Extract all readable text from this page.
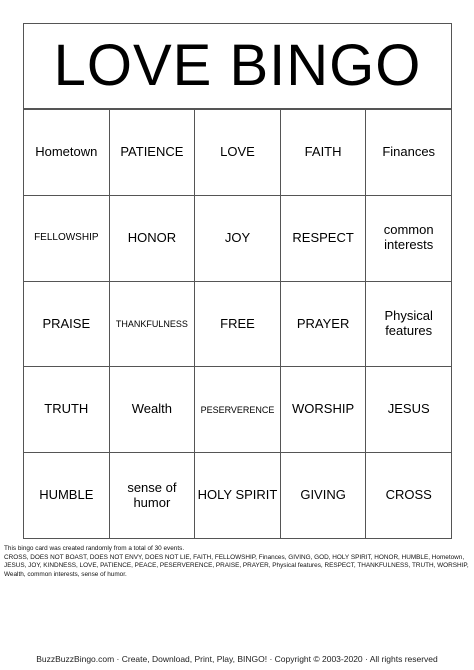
LOVE BINGO
Hometown	PATIENCE	LOVE	FAITH	Finances
FELLOWSHIP	HONOR	JOY	RESPECT	common interests
PRAISE	THANKFULNESS	FREE	PRAYER	Physical features
TRUTH	Wealth	PESERVERENCE	WORSHIP	JESUS
HUMBLE	sense of humor	HOLY SPIRIT	GIVING	CROSS
This bingo card was created randomly from a total of 30 events.
CROSS, DOES NOT BOAST, DOES NOT ENVY, DOES NOT LIE, FAITH, FELLOWSHIP, Finances, GIVING, GOD, HOLY SPIRIT, HONOR, HUMBLE, Hometown, JESUS, JOY, KINDNESS, LOVE, PATIENCE, PEACE, PESERVERENCE, PRAISE, PRAYER, Physical features, RESPECT, THANKFULNESS, TRUTH, WORSHIP, Wealth, common interests, sense of humor.
BuzzBuzzBingo.com · Create, Download, Print, Play, BINGO! · Copyright © 2003-2020 · All rights reserved
